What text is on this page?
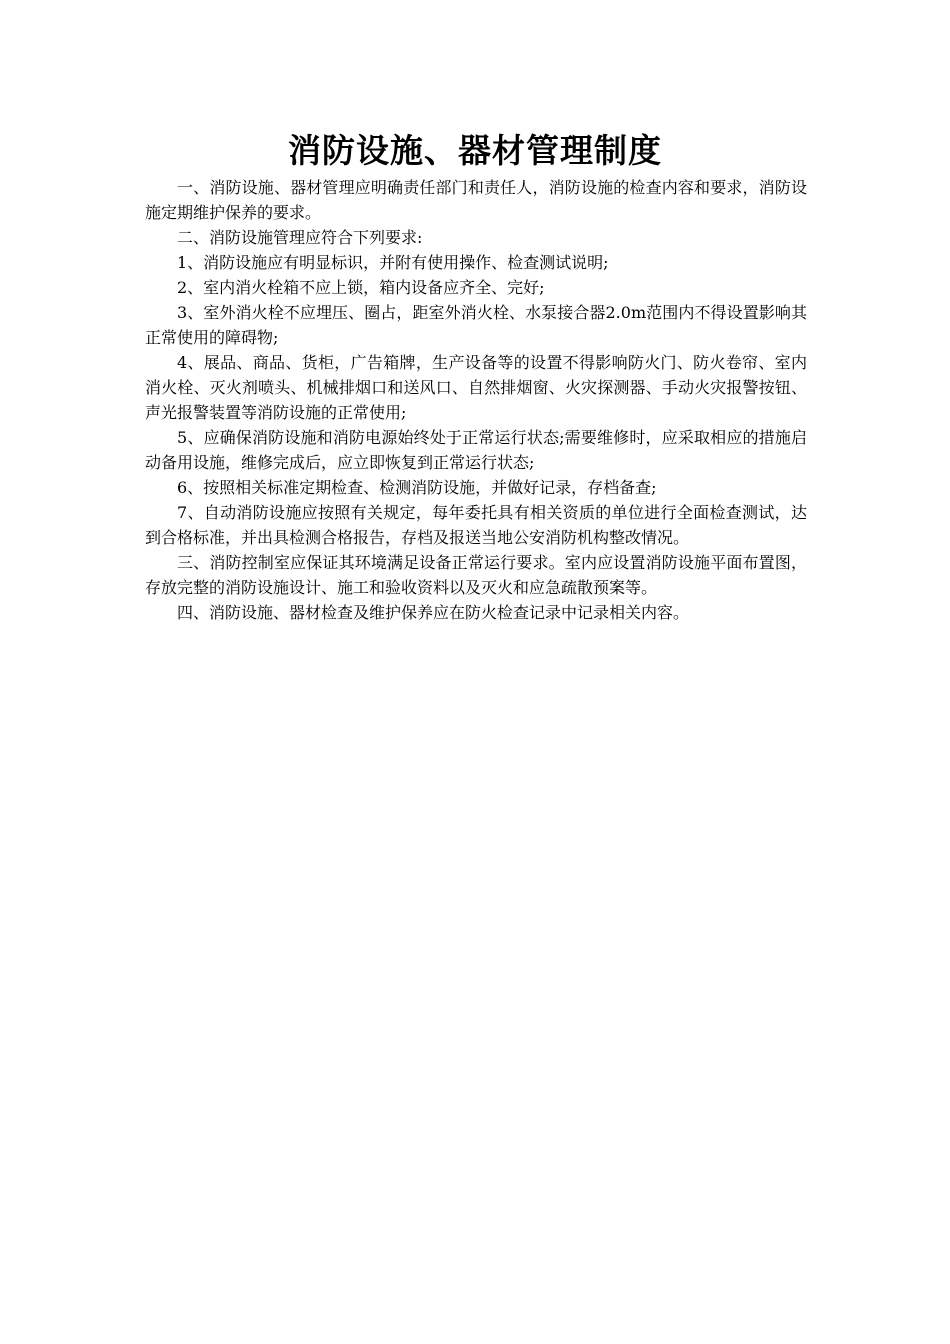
消防设施、器材管理制度

一、消防设施、器材管理应明确责任部门和责任人，消防设施的检查内容和要求，消防设施定期维护保养的要求。

二、消防设施管理应符合下列要求:

1、消防设施应有明显标识，并附有使用操作、检查测试说明;

2、室内消火栓箱不应上锁，箱内设备应齐全、完好;

3、室外消火栓不应埋压、圈占，距室外消火栓、水泵接合器2.0m范围内不得设置影响其正常使用的障碍物;

4、展品、商品、货柜，广告箱牌，生产设备等的设置不得影响防火门、防火卷帘、室内消火栓、灭火剂喷头、机械排烟口和送风口、自然排烟窗、火灾探测器、手动火灾报警按钮、声光报警装置等消防设施的正常使用;

5、应确保消防设施和消防电源始终处于正常运行状态;需要维修时，应采取相应的措施启动备用设施，维修完成后，应立即恢复到正常运行状态;

6、按照相关标准定期检查、检测消防设施，并做好记录，存档备查;

7、自动消防设施应按照有关规定，每年委托具有相关资质的单位进行全面检查测试，达到合格标准，并出具检测合格报告，存档及报送当地公安消防机构整改情况。

三、消防控制室应保证其环境满足设备正常运行要求。室内应设置消防设施平面布置图，存放完整的消防设施设计、施工和验收资料以及灭火和应急疏散预案等。

四、消防设施、器材检查及维护保养应在防火检查记录中记录相关内容。
